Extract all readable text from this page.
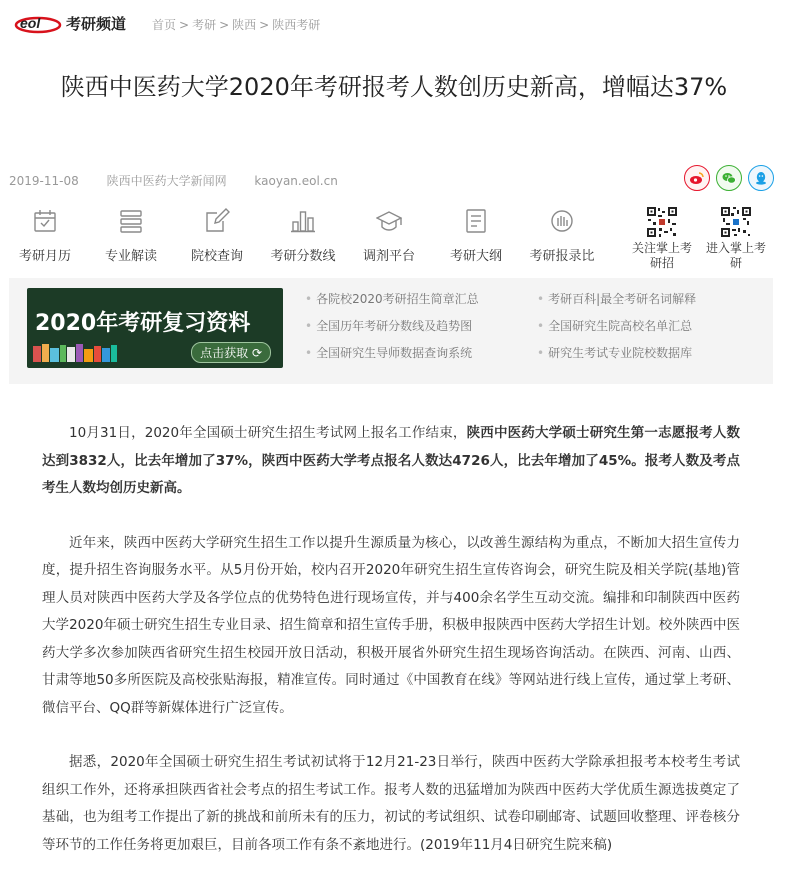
eol 考研频道 首页 > 考研 > 陕西 > 陕西考研
陕西中医药大学2020年考研报考人数创历史新高，增幅达37%
2019-11-08 陕西中医药大学新闻网 kaoyan.eol.cn
考研月历	专业解读	院校查询	考研分数线	调剂平台	考研大纲	考研报录比
关注掌上考研招
进入掌上考研
2020年考研复习资料
点击获取 ⟳
• 各院校2020考研招生简章汇总	• 考研百科|最全考研名词解释
• 全国历年考研分数线及趋势图	• 全国研究生院高校名单汇总
• 全国研究生导师数据查询系统	• 研究生考试专业院校数据库

10月31日，2020年全国硕士研究生招生考试网上报名工作结束，陕西中医药大学硕士研究生第一志愿报考人数达到3832人，比去年增加了37%，陕西中医药大学考点报名人数达4726人，比去年增加了45%。报考人数及考点考生人数均创历史新高。

近年来，陕西中医药大学研究生招生工作以提升生源质量为核心，以改善生源结构为重点，不断加大招生宣传力度，提升招生咨询服务水平。从5月份开始，校内召开2020年研究生招生宣传咨询会，研究生院及相关学院(基地)管理人员对陕西中医药大学及各学位点的优势特色进行现场宣传，并与400余名学生互动交流。编排和印制陕西中医药大学2020年硕士研究生招生专业目录、招生简章和招生宣传手册，积极申报陕西中医药大学招生计划。校外陕西中医药大学多次参加陕西省研究生招生校园开放日活动，积极开展省外研究生招生现场咨询活动。在陕西、河南、山西、甘肃等地50多所医院及高校张贴海报，精准宣传。同时通过《中国教育在线》等网站进行线上宣传，通过掌上考研、微信平台、QQ群等新媒体进行广泛宣传。

据悉，2020年全国硕士研究生招生考试初试将于12月21-23日举行，陕西中医药大学除承担报考本校考生考试组织工作外，还将承担陕西省社会考点的招生考试工作。报考人数的迅猛增加为陕西中医药大学优质生源选拔奠定了基础，也为组考工作提出了新的挑战和前所未有的压力，初试的考试组织、试卷印刷邮寄、试题回收整理、评卷核分等环节的工作任务将更加艰巨，目前各项工作有条不紊地进行。(2019年11月4日研究生院来稿)
